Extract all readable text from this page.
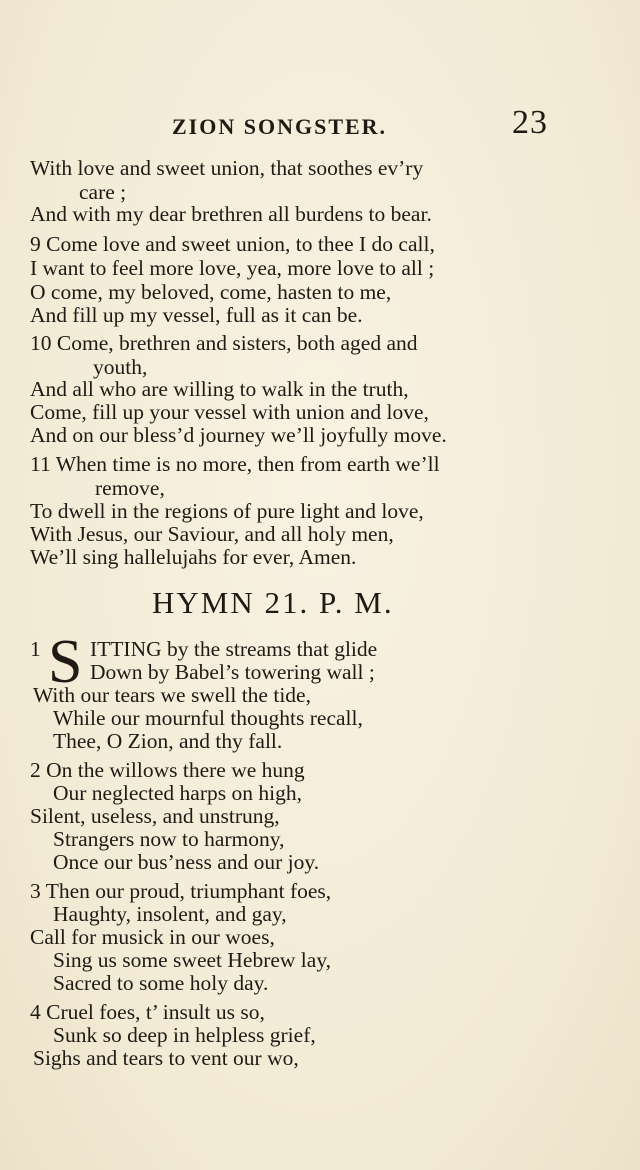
ZION SONGSTER.	23
With love and sweet union, that soothes ev’ry
care ;
And with my dear brethren all burdens to bear.
9 Come love and sweet union, to thee I do call,
I want to feel more love, yea, more love to all ;
O come, my beloved, come, hasten to me,
And fill up my vessel, full as it can be.
10 Come, brethren and sisters, both aged and
youth,
And all who are willing to walk in the truth,
Come, fill up your vessel with union and love,
And on our bless’d journey we’ll joyfully move.
11 When time is no more, then from earth we’ll
remove,
To dwell in the regions of pure light and love,
With Jesus, our Saviour, and all holy men,
We’ll sing hallelujahs for ever, Amen.
HYMN 21. P. M.
1 S ITTING by the streams that glide
Down by Babel’s towering wall ;
With our tears we swell the tide,
While our mournful thoughts recall,
Thee, O Zion, and thy fall.
2 On the willows there we hung
Our neglected harps on high,
Silent, useless, and unstrung,
Strangers now to harmony,
Once our bus’ness and our joy.
3 Then our proud, triumphant foes,
Haughty, insolent, and gay,
Call for musick in our woes,
Sing us some sweet Hebrew lay,
Sacred to some holy day.
4 Cruel foes, t’ insult us so,
Sunk so deep in helpless grief,
Sighs and tears to vent our wo,
